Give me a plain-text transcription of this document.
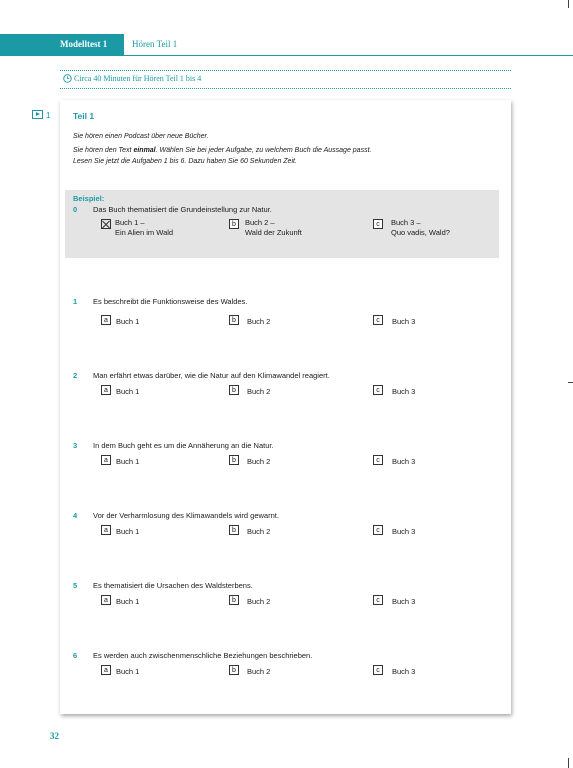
Modelltest 1	Hören Teil 1
Circa 40 Minuten für Hören Teil 1 bis 4
1	Teil 1
Sie hören einen Podcast über neue Bücher.
Sie hören den Text einmal. Wählen Sie bei jeder Aufgabe, zu welchem Buch die Aussage passt.
Lesen Sie jetzt die Aufgaben 1 bis 6. Dazu haben Sie 60 Sekunden Zeit.
Beispiel:
0 Das Buch thematisiert die Grundeinstellung zur Natur.
Buch 1 –
Ein Alien im Wald
b	Buch 2 –
Wald der Zukunft
c	Buch 3 –
Quo vadis, Wald?
1 Es beschreibt die Funktionsweise des Waldes.
a	Buch 1	b	Buch 2	c	Buch 3
2 Man erfährt etwas darüber, wie die Natur auf den Klimawandel reagiert.
a	Buch 1	b	Buch 2	c	Buch 3
3 In dem Buch geht es um die Annäherung an die Natur.
a	Buch 1	b	Buch 2	c	Buch 3
4 Vor der Verharmlosung des Klimawandels wird gewarnt.
a	Buch 1	b	Buch 2	c	Buch 3
5 Es thematisiert die Ursachen des Waldsterbens.
a	Buch 1	b	Buch 2	c	Buch 3
6 Es werden auch zwischenmenschliche Beziehungen beschrieben.
a	Buch 1	b	Buch 2	c	Buch 3
32
